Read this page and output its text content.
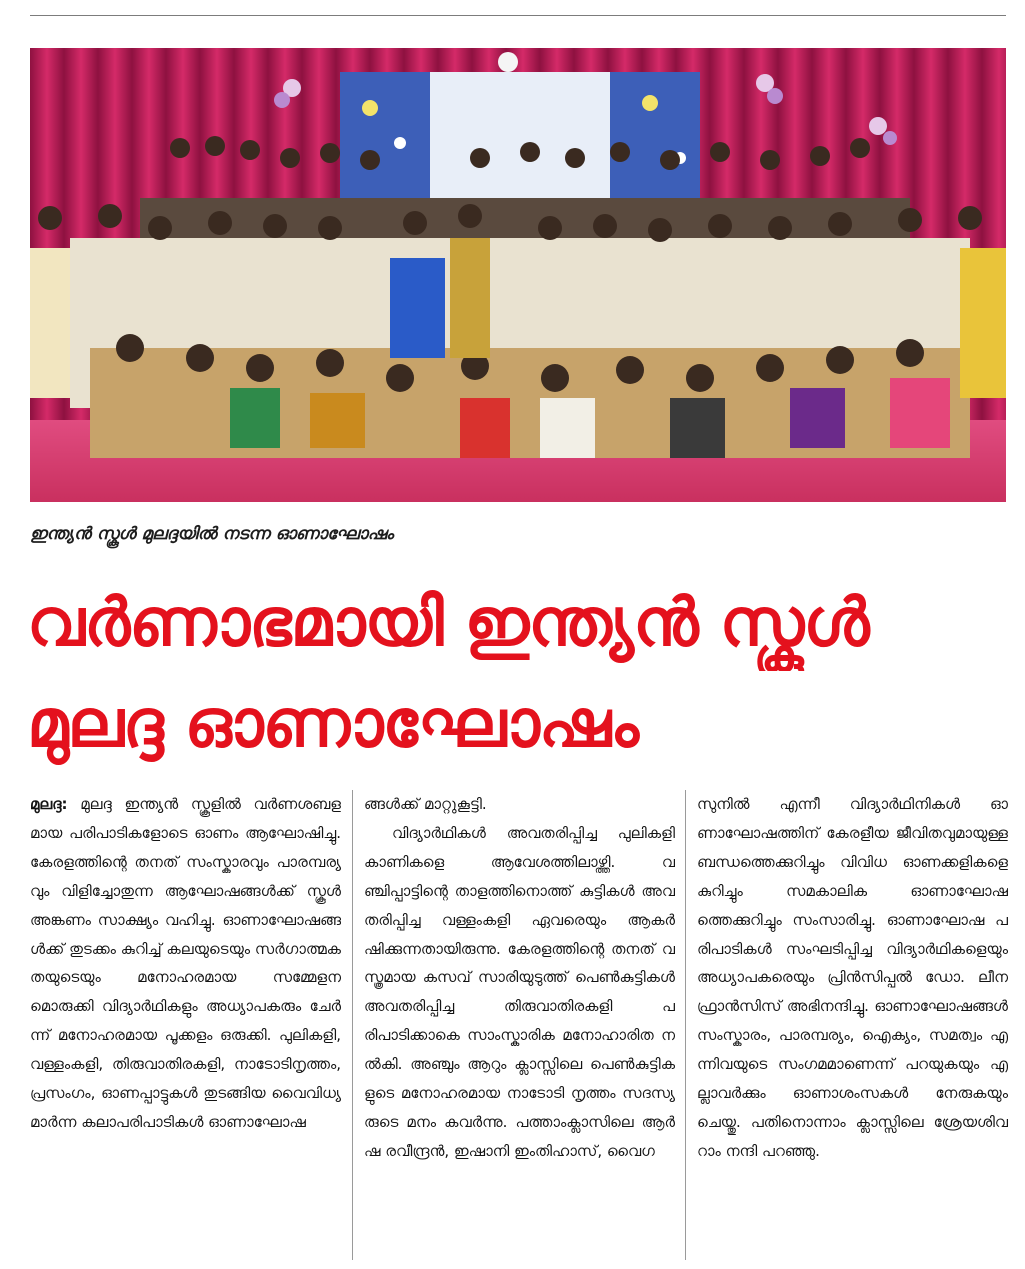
ഇന്ത്യൻ സ്കൂൾ മുലദ്ദയിൽ നടന്ന ഓണാഘോഷം
വർണാഭമായി ഇന്ത്യൻ സ്കൂൾ
മുലദ്ദ ഓണാഘോഷം

മുലദ്ദ: മുലദ്ദ ഇന്ത്യൻ സ്കൂളിൽ വർണശബളമായ പരിപാടികളോടെ ഓണം ആഘോഷിച്ചു. കേരളത്തിന്റെ തനത് സംസ്കാരവും പാരമ്പര്യവും വിളിച്ചോതുന്ന ആഘോഷങ്ങൾക്ക് സ്കൂൾ അങ്കണം സാക്ഷ്യം വഹിച്ചു. ഓണാഘോഷങ്ങൾക്ക് തുടക്കം കുറിച്ച് കലയുടെയും സർഗാത്മകതയുടെയും മനോഹരമായ സമ്മേളനമൊരുക്കി വിദ്യാർഥികളും അധ്യാപകരും ചേർന്ന് മനോഹരമായ പൂക്കളം ഒരുക്കി. പുലികളി, വള്ളംകളി, തിരുവാതിരകളി, നാടോടിനൃത്തം, പ്രസംഗം, ഓണപ്പാട്ടുകൾ തുടങ്ങിയ വൈവിധ്യമാർന്ന കലാപരിപാടികൾ ഓണാഘോഷ

ങ്ങൾക്ക് മാറ്റുകൂട്ടി.

വിദ്യാർഥികൾ അവതരിപ്പിച്ച പുലികളി കാണികളെ ആവേശത്തിലാഴ്ത്തി. വഞ്ചിപ്പാട്ടിന്റെ താളത്തിനൊത്ത് കുട്ടികൾ അവതരിപ്പിച്ച വള്ളംകളി ഏവരെയും ആകർഷിക്കുന്നതായിരുന്നു. കേരളത്തിന്റെ തനത് വസ്ത്രമായ കസവ് സാരിയുടുത്ത് പെൺകുട്ടികൾ അവതരിപ്പിച്ച തിരുവാതിരകളി പരിപാടിക്കാകെ സാംസ്കാരിക മനോഹാരിത നൽകി. അഞ്ചും ആറും ക്ലാസ്സിലെ പെൺകുട്ടികളുടെ മനോഹരമായ നാടോടി നൃത്തം സദസ്യരുടെ മനം കവർന്നു. പത്താംക്ലാസിലെ ആർഷ രവീന്ദ്രൻ, ഇഷാനി ഇംതിഹാസ്, വൈഗ

സുനിൽ എന്നീ വിദ്യാർഥിനികൾ ഓണാഘോഷത്തിന് കേരളീയ ജീവിതവുമായുള്ള ബന്ധത്തെക്കുറിച്ചും വിവിധ ഓണക്കളികളെ കുറിച്ചും സമകാലിക ഓണാഘോഷത്തെക്കുറിച്ചും സംസാരിച്ചു. ഓണാഘോഷ പരിപാടികൾ സംഘടിപ്പിച്ച വിദ്യാർഥികളെയും അധ്യാപകരെയും പ്രിൻസിപ്പൽ ഡോ. ലീന ഫ്രാൻസിസ് അഭിനന്ദിച്ചു. ഓണാഘോഷങ്ങൾ സംസ്കാരം, പാരമ്പര്യം, ഐക്യം, സമത്വം എന്നിവയുടെ സംഗമമാണെന്ന് പറയുകയും എല്ലാവർക്കും ഓണാശംസകൾ നേരുകയും ചെയ്തു. പതിനൊന്നാം ക്ലാസ്സിലെ ശ്രേയശിവറാം നന്ദി പറഞ്ഞു.
